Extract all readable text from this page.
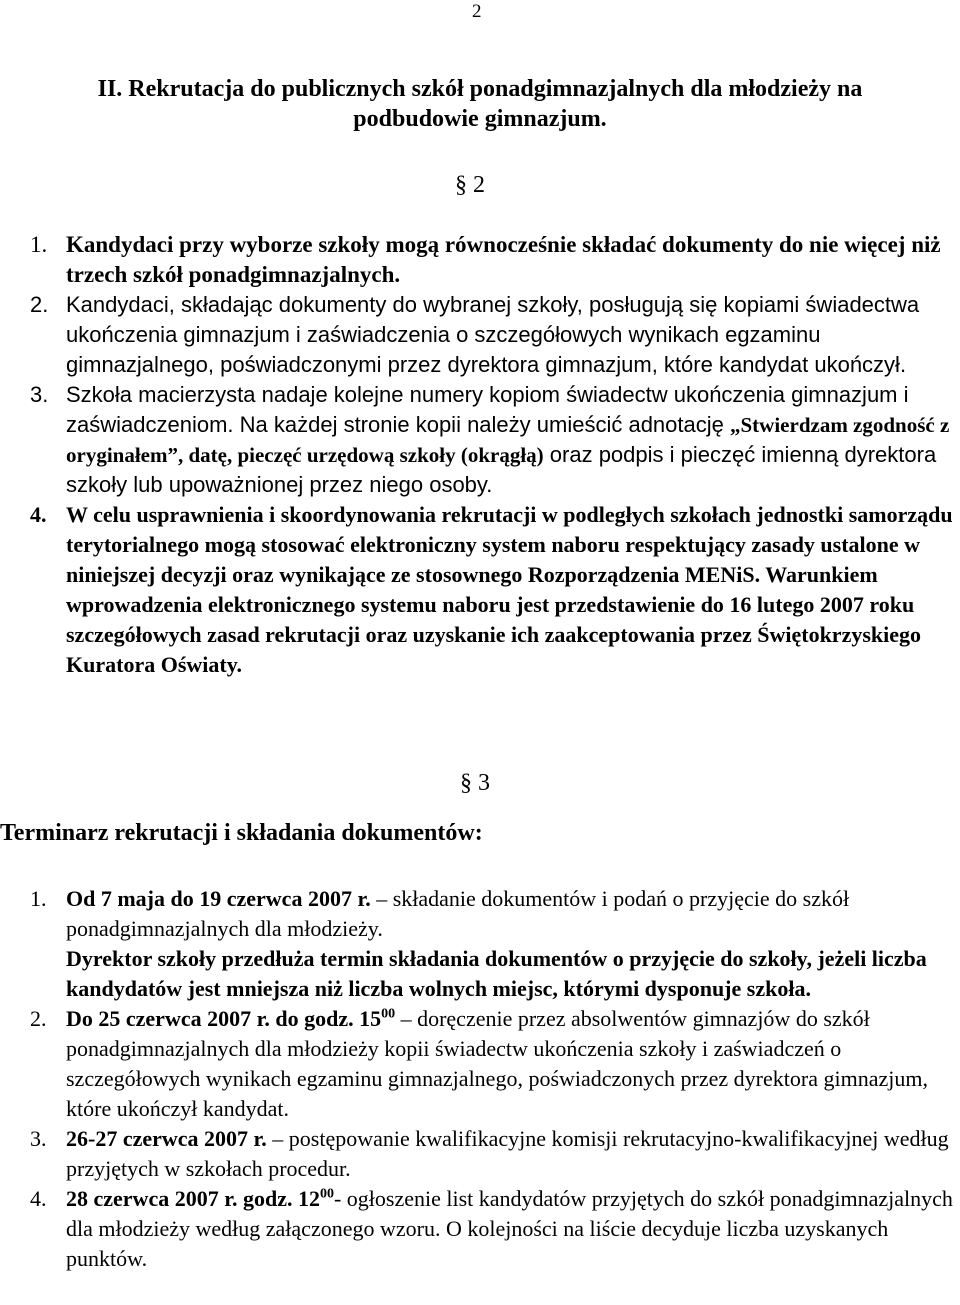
2
II. Rekrutacja do publicznych szkół ponadgimnazjalnych dla młodzieży na
podbudowie gimnazjum.
§ 2
1. Kandydaci przy wyborze szkoły mogą równocześnie składać dokumenty do nie więcej niż trzech szkół ponadgimnazjalnych.
2. Kandydaci, składając dokumenty do wybranej szkoły, posługują się kopiami świadectwa ukończenia gimnazjum i zaświadczenia o szczegółowych wynikach egzaminu gimnazjalnego, poświadczonymi przez dyrektora gimnazjum, które kandydat ukończył.
3. Szkoła macierzysta nadaje kolejne numery kopiom świadectw ukończenia gimnazjum i zaświadczeniom. Na każdej stronie kopii należy umieścić adnotację „Stwierdzam zgodność z oryginałem”, datę, pieczęć urzędową szkoły (okrągłą) oraz podpis i pieczęć imienną dyrektora szkoły lub upoważnionej przez niego osoby.
4. W celu usprawnienia i skoordynowania rekrutacji w podległych szkołach jednostki samorządu terytorialnego mogą stosować elektroniczny system naboru respektujący zasady ustalone w niniejszej decyzji oraz wynikające ze stosownego Rozporządzenia MENiS. Warunkiem wprowadzenia elektronicznego systemu naboru jest przedstawienie do 16 lutego 2007 roku szczegółowych zasad rekrutacji oraz uzyskanie ich zaakceptowania przez Świętokrzyskiego Kuratora Oświaty.
§ 3
Terminarz rekrutacji i składania dokumentów:
1. Od 7 maja do 19 czerwca 2007 r. – składanie dokumentów i podań o przyjęcie do szkół ponadgimnazjalnych dla młodzieży.
Dyrektor szkoły przedłuża termin składania dokumentów o przyjęcie do szkoły, jeżeli liczba kandydatów jest mniejsza niż liczba wolnych miejsc, którymi dysponuje szkoła.
2. Do 25 czerwca 2007 r. do godz. $15^{00}$ – doręczenie przez absolwentów gimnazjów do szkół ponadgimnazjalnych dla młodzieży kopii świadectw ukończenia szkoły i zaświadczeń o szczegółowych wynikach egzaminu gimnazjalnego, poświadczonych przez dyrektora gimnazjum, które ukończył kandydat.
3. 26-27 czerwca 2007 r. – postępowanie kwalifikacyjne komisji rekrutacyjno-kwalifikacyjnej według przyjętych w szkołach procedur.
4. 28 czerwca 2007 r. godz. $12^{00}-$ ogłoszenie list kandydatów przyjętych do szkół ponadgimnazjalnych dla młodzieży według załączonego wzoru. O kolejności na liście decyduje liczba uzyskanych punktów.
